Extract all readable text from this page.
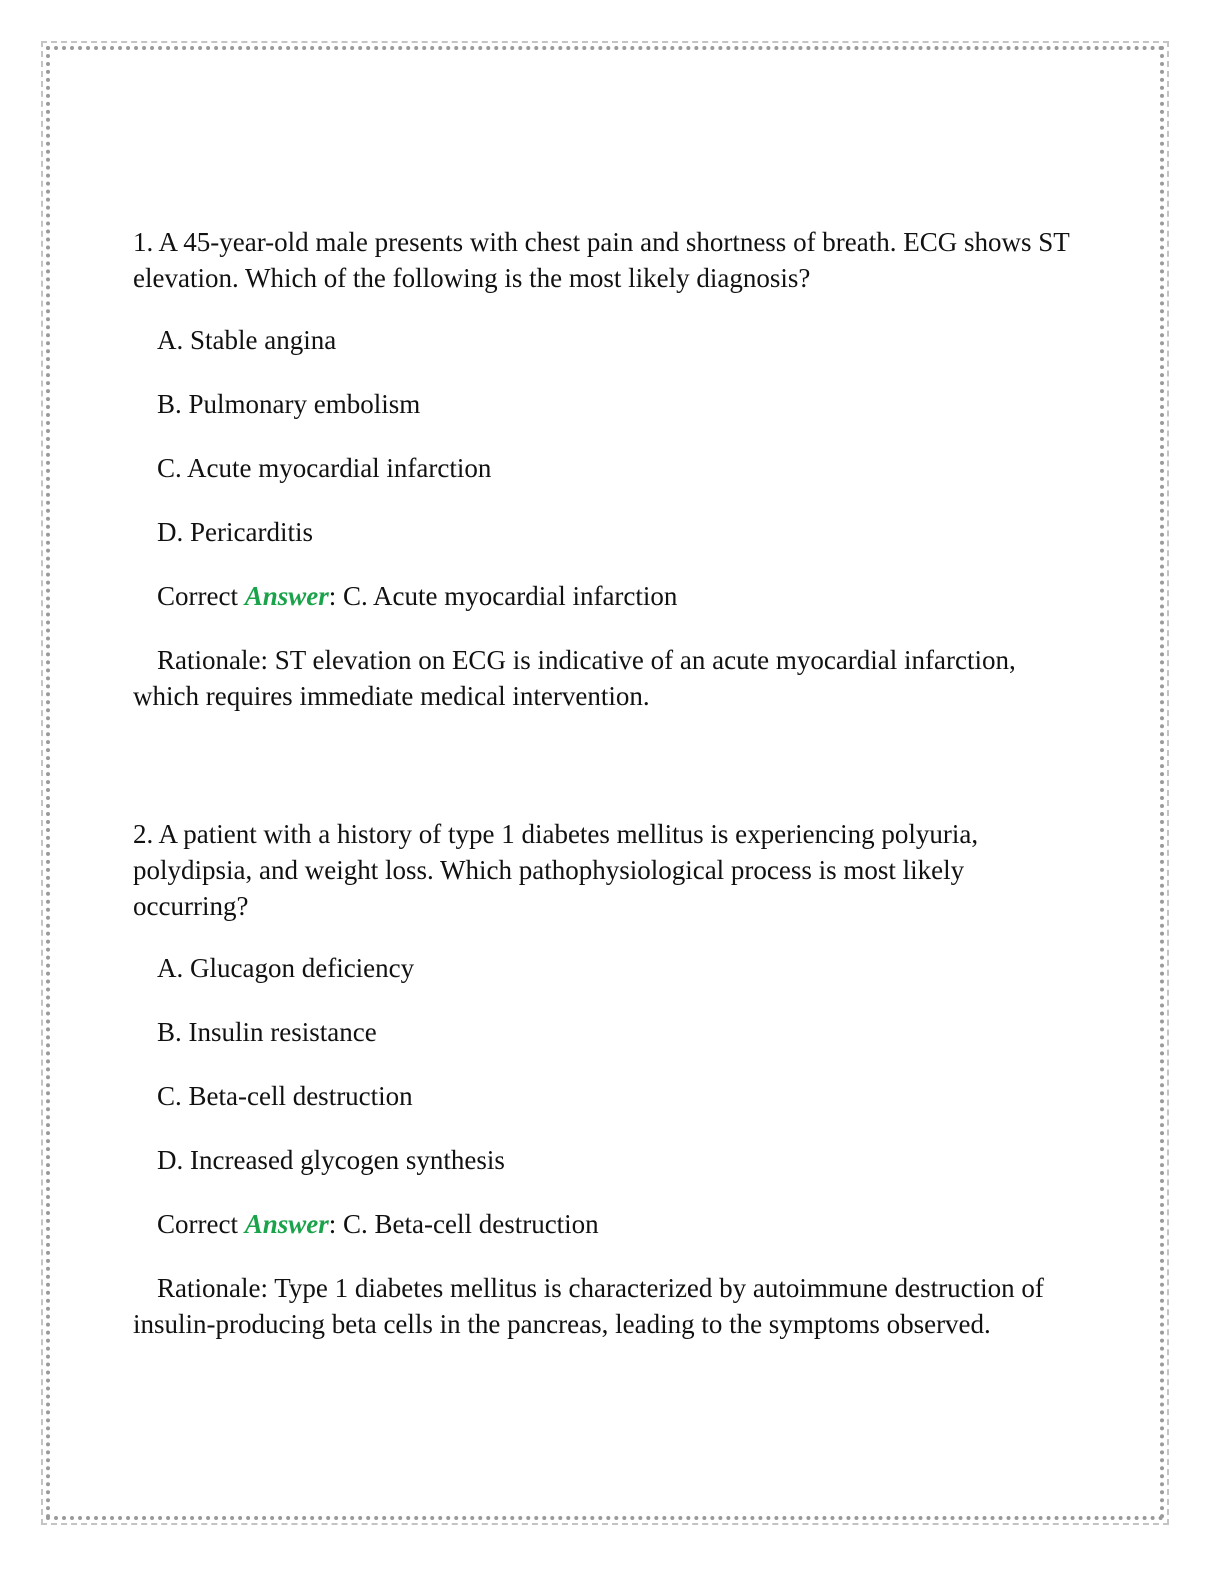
1. A 45-year-old male presents with chest pain and shortness of breath. ECG shows ST elevation. Which of the following is the most likely diagnosis?

A. Stable angina

B. Pulmonary embolism

C. Acute myocardial infarction

D. Pericarditis

Correct Answer: C. Acute myocardial infarction

Rationale: ST elevation on ECG is indicative of an acute myocardial infarction, which requires immediate medical intervention.

2. A patient with a history of type 1 diabetes mellitus is experiencing polyuria, polydipsia, and weight loss. Which pathophysiological process is most likely occurring?

A. Glucagon deficiency

B. Insulin resistance

C. Beta-cell destruction

D. Increased glycogen synthesis

Correct Answer: C. Beta-cell destruction

Rationale: Type 1 diabetes mellitus is characterized by autoimmune destruction of insulin-producing beta cells in the pancreas, leading to the symptoms observed.
